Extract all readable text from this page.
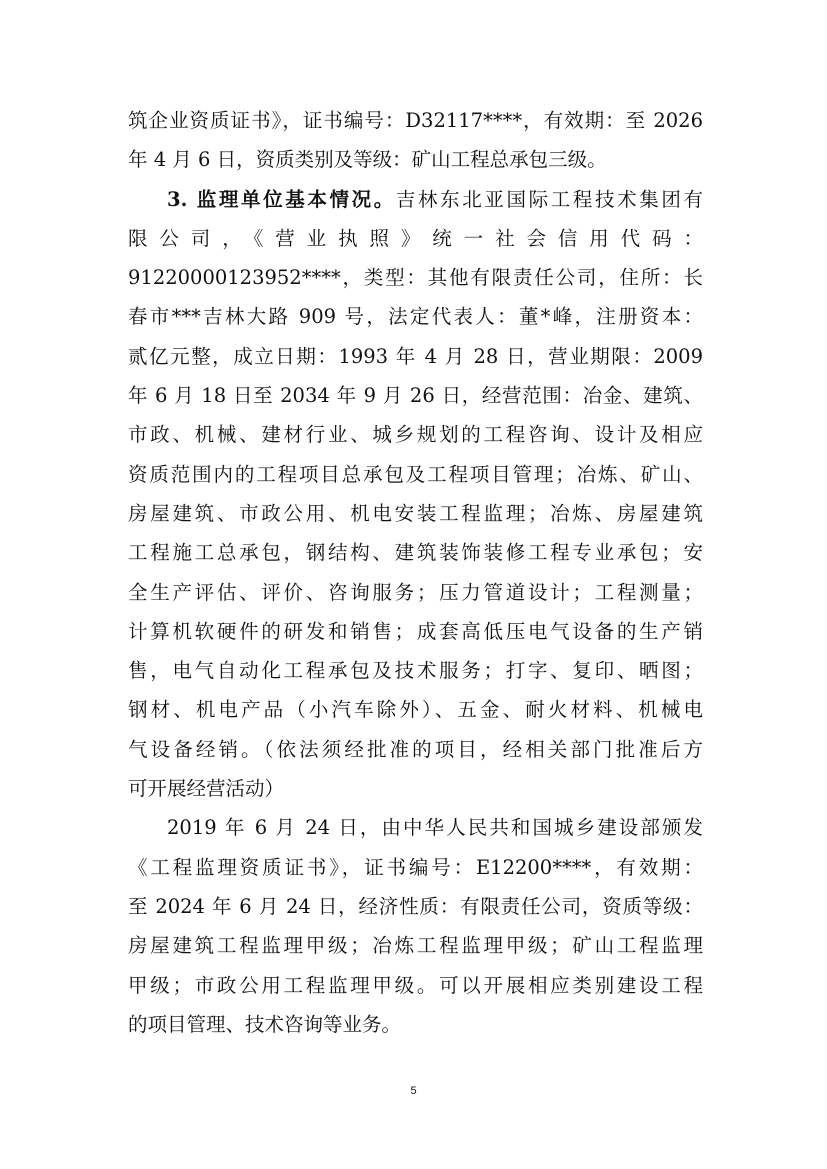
筑企业资质证书》，证书编号：D32117****，有效期：至 2026
年 4 月 6 日，资质类别及等级：矿山工程总承包三级。
3. 监理单位基本情况。吉林东北亚国际工程技术集团有
限公司，《营业执照》统一社会信用代码：
91220000123952****，类型：其他有限责任公司，住所：长
春市***吉林大路 909 号，法定代表人：董*峰，注册资本：
贰亿元整，成立日期：1993 年 4 月 28 日，营业期限：2009
年 6 月 18 日至 2034 年 9 月 26 日，经营范围：冶金、建筑、
市政、机械、建材行业、城乡规划的工程咨询、设计及相应
资质范围内的工程项目总承包及工程项目管理；冶炼、矿山、
房屋建筑、市政公用、机电安装工程监理；冶炼、房屋建筑
工程施工总承包，钢结构、建筑装饰装修工程专业承包；安
全生产评估、评价、咨询服务；压力管道设计；工程测量；
计算机软硬件的研发和销售；成套高低压电气设备的生产销
售，电气自动化工程承包及技术服务；打字、复印、晒图；
钢材、机电产品（小汽车除外）、五金、耐火材料、机械电
气设备经销。（依法须经批准的项目，经相关部门批准后方
可开展经营活动）
2019 年 6 月 24 日，由中华人民共和国城乡建设部颁发
《工程监理资质证书》，证书编号：E12200****，有效期：
至 2024 年 6 月 24 日，经济性质：有限责任公司，资质等级：
房屋建筑工程监理甲级；冶炼工程监理甲级；矿山工程监理
甲级；市政公用工程监理甲级。可以开展相应类别建设工程
的项目管理、技术咨询等业务。
5
